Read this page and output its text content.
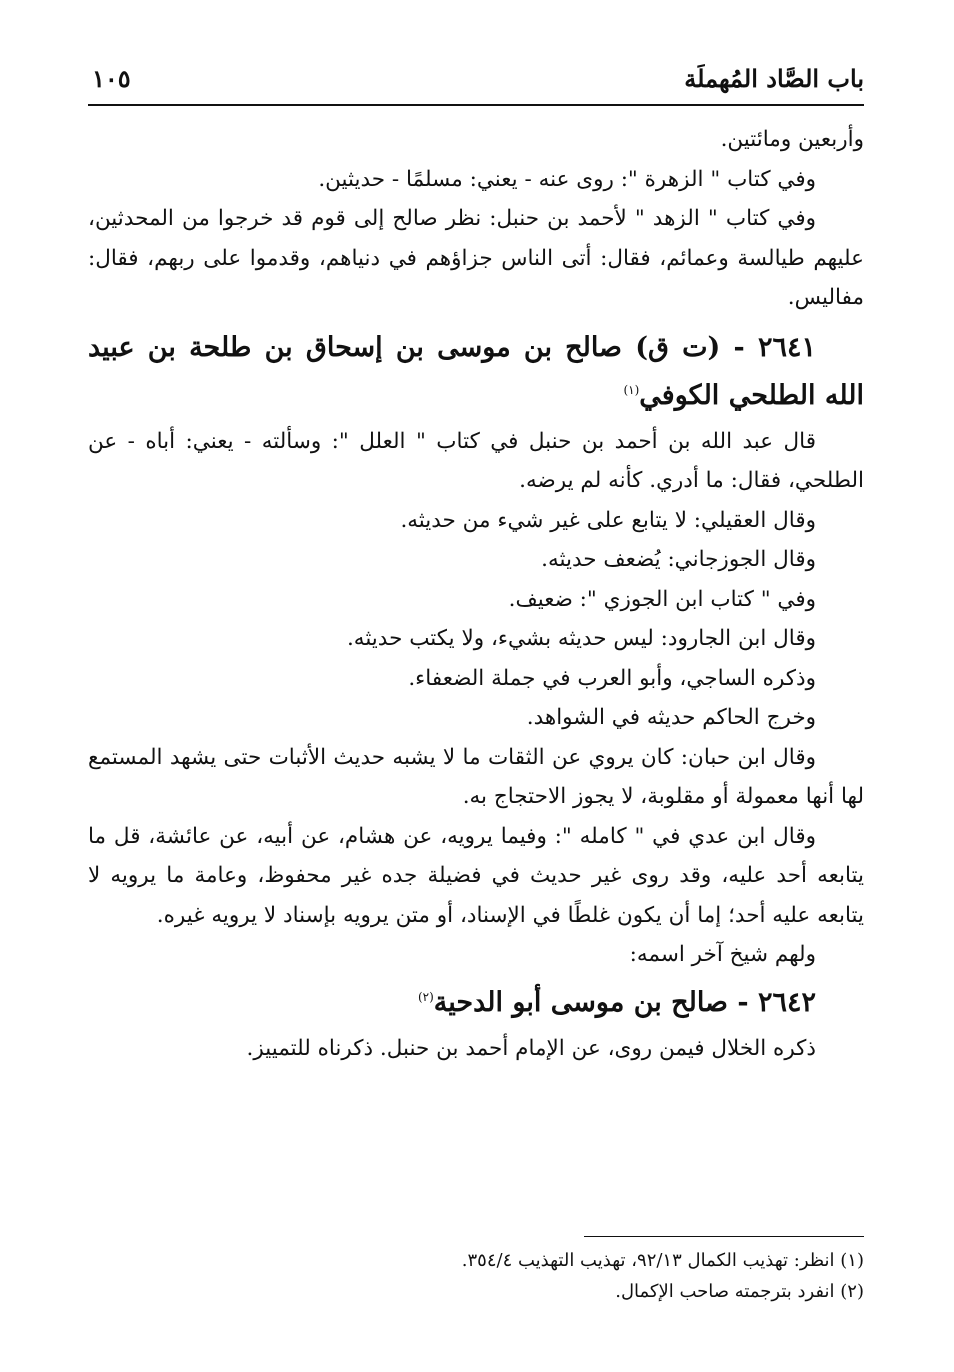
باب الصَّاد المُهملَة
١٠٥

وأربعين ومائتين.

وفي كتاب " الزهرة ": روى عنه - يعني: مسلمًا - حديثين.

وفي كتاب " الزهد " لأحمد بن حنبل: نظر صالح إلى قوم قد خرجوا من المحدثين، عليهم طيالسة وعمائم، فقال: أتى الناس جزاؤهم في دنياهم، وقدموا على ربهم، فقال: مفاليس.

٢٦٤١ - (ت ق) صالح بن موسى بن إسحاق بن طلحة بن عبيد الله الطلحي الكوفي$^{(١)}$

قال عبد الله بن أحمد بن حنبل في كتاب " العلل ": وسألته - يعني: أباه - عن الطلحي، فقال: ما أدري. كأنه لم يرضه.

وقال العقيلي: لا يتابع على غير شيء من حديثه.

وقال الجوزجاني: يُضعف حديثه.

وفي " كتاب ابن الجوزي ": ضعيف.

وقال ابن الجارود: ليس حديثه بشيء، ولا يكتب حديثه.

وذكره الساجي، وأبو العرب في جملة الضعفاء.

وخرج الحاكم حديثه في الشواهد.

وقال ابن حبان: كان يروي عن الثقات ما لا يشبه حديث الأثبات حتى يشهد المستمع لها أنها معمولة أو مقلوبة، لا يجوز الاحتجاج به.

وقال ابن عدي في " كامله ": وفيما يرويه، عن هشام، عن أبيه، عن عائشة، قل ما يتابعه أحد عليه، وقد روى غير حديث في فضيلة جده غير محفوظ، وعامة ما يرويه لا يتابعه عليه أحد؛ إما أن يكون غلطًا في الإسناد، أو متن يرويه بإسناد لا يرويه غيره.

ولهم شيخ آخر اسمه:

٢٦٤٢ - صالح بن موسى أبو الدحية$^{(٢)}$

ذكره الخلال فيمن روى، عن الإمام أحمد بن حنبل. ذكرناه للتمييز.

(١) انظر: تهذيب الكمال ٩٢/١٣، تهذيب التهذيب ٣٥٤/٤.

(٢) انفرد بترجمته صاحب الإكمال.
